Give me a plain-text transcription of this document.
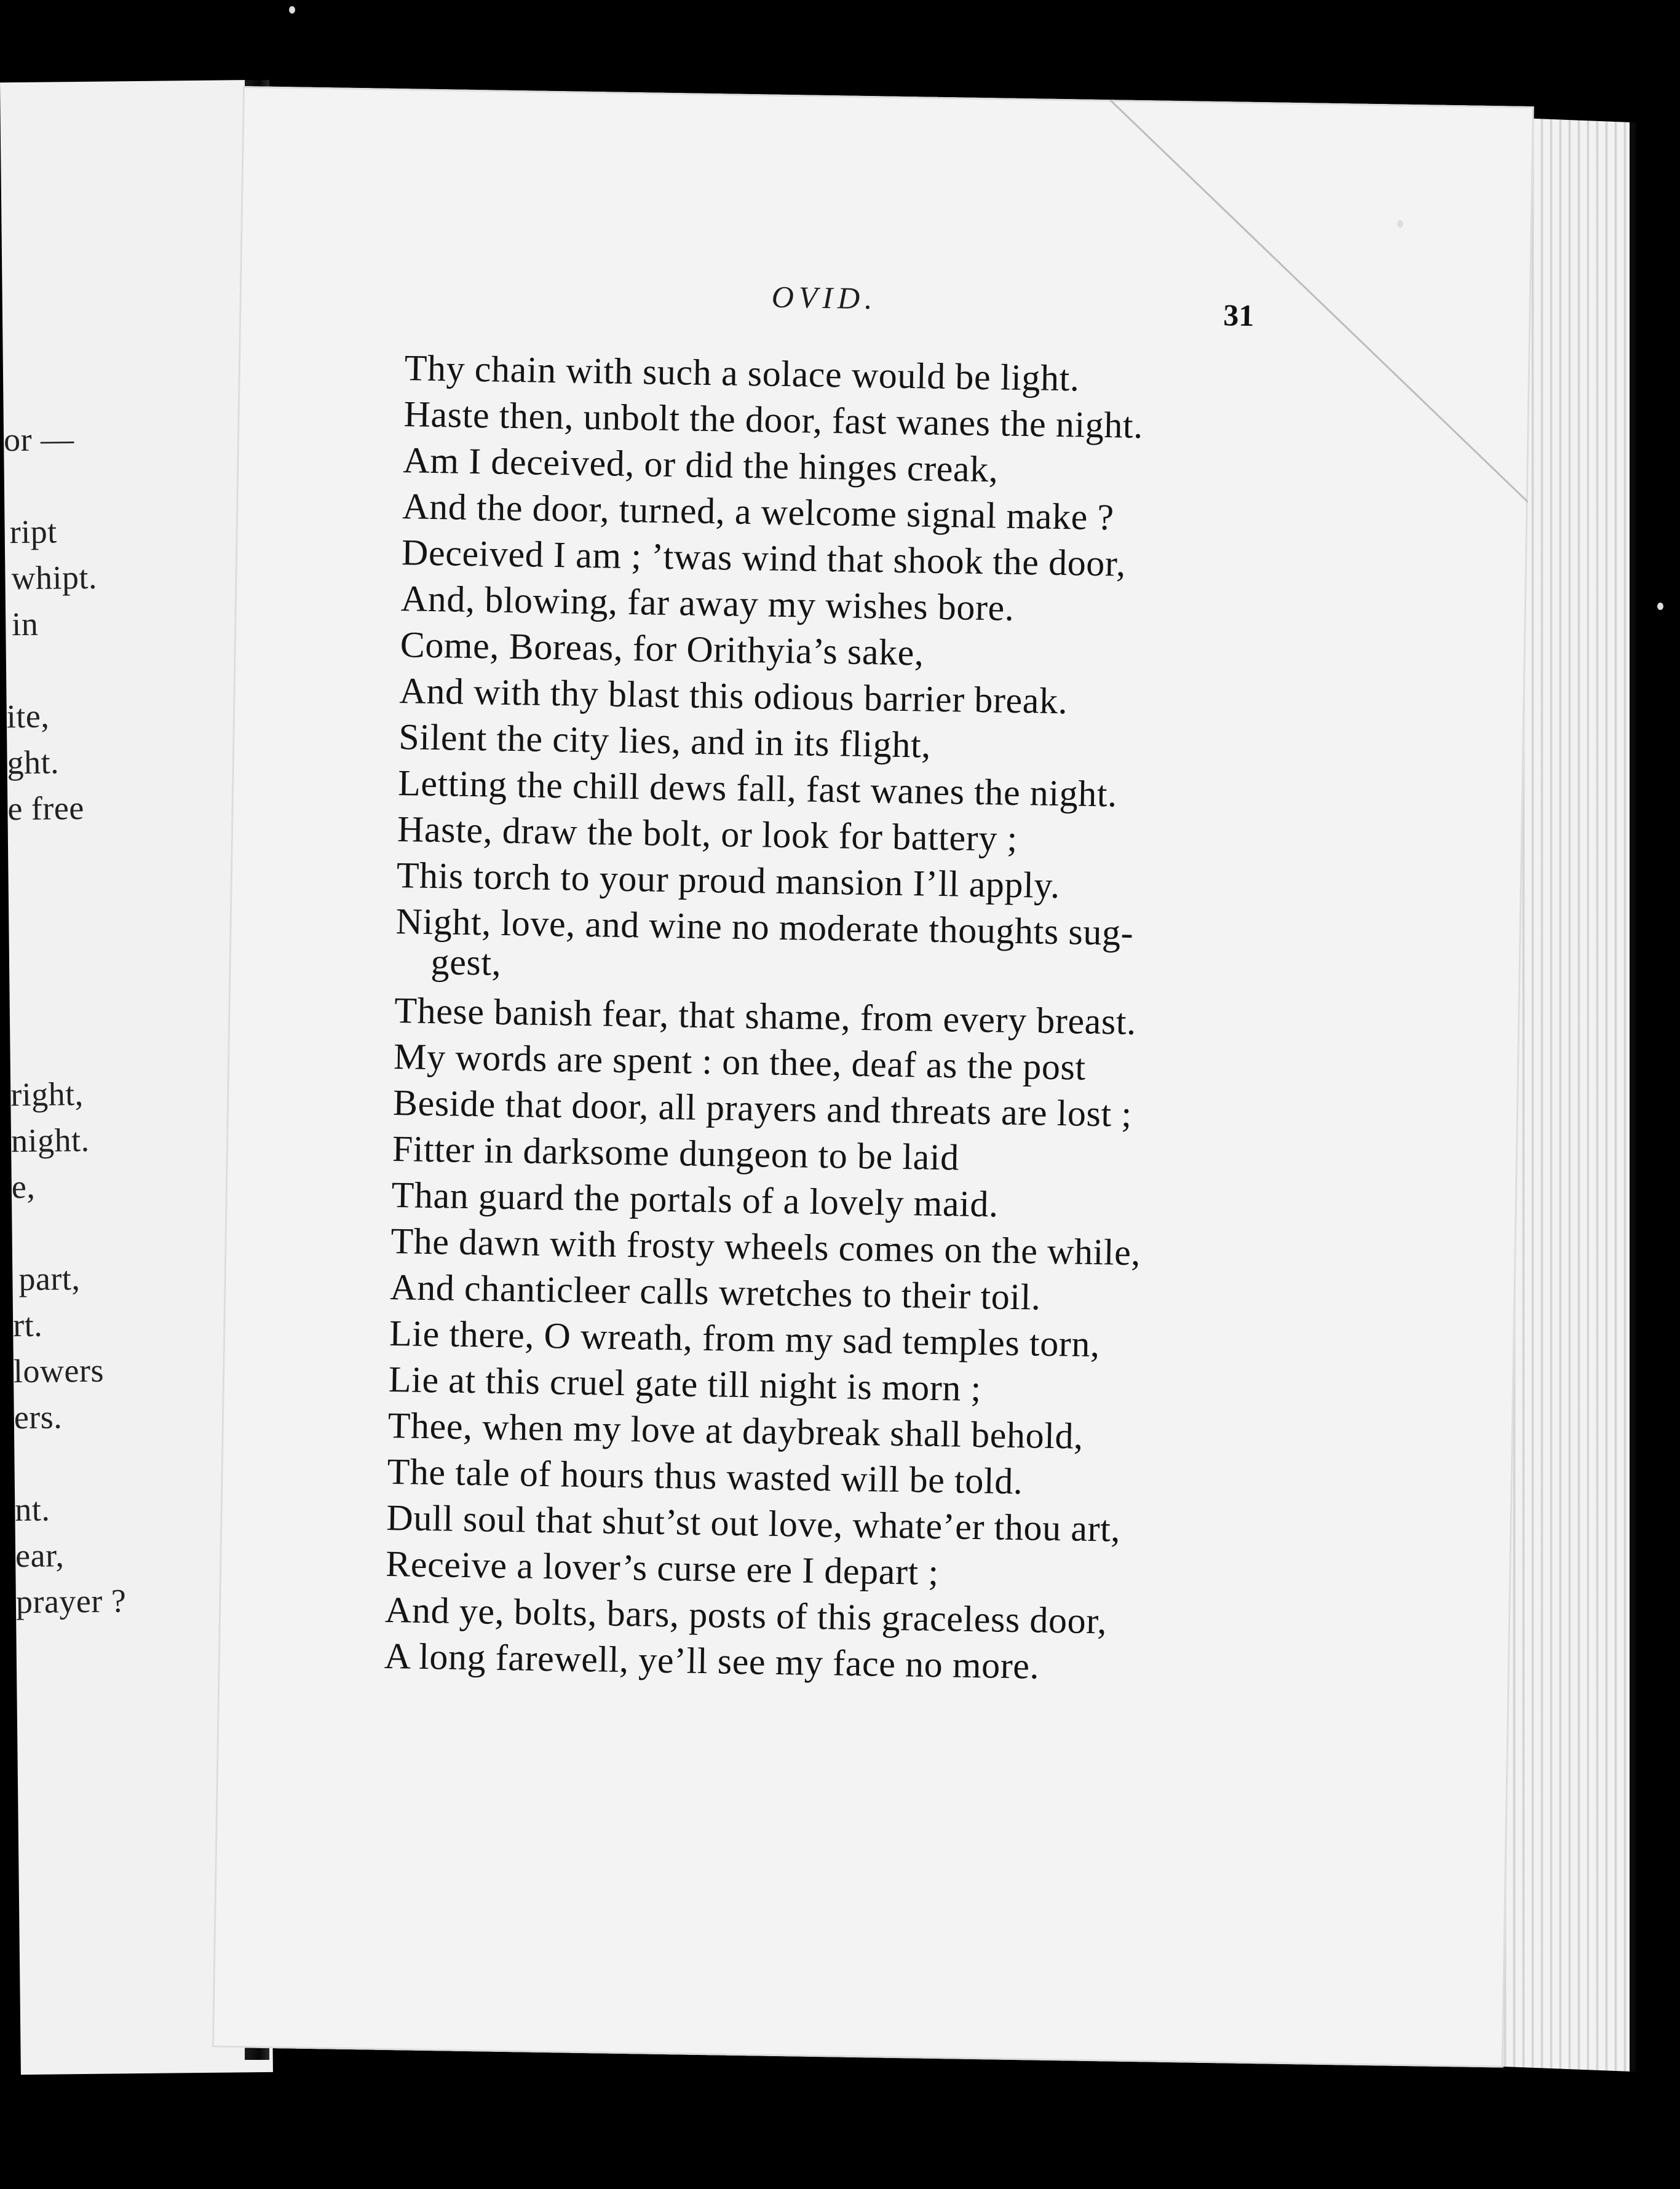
or —
ript
whipt.
in
ite,
ght.
e free
right,
night.
e,
part,
rt.
lowers
ers.
nt.
ear,
prayer ?
OVID.	31
Thy chain with such a solace would be light.
Haste then, unbolt the door, fast wanes the night.
Am I deceived, or did the hinges creak,
And the door, turned, a welcome signal make ?
Deceived I am ; ’twas wind that shook the door,
And, blowing, far away my wishes bore.
Come, Boreas, for Orithyia’s sake,
And with thy blast this odious barrier break.
Silent the city lies, and in its flight,
Letting the chill dews fall, fast wanes the night.
Haste, draw the bolt, or look for battery ;
This torch to your proud mansion I’ll apply.
Night, love, and wine no moderate thoughts sug-
gest,
These banish fear, that shame, from every breast.
My words are spent : on thee, deaf as the post
Beside that door, all prayers and threats are lost ;
Fitter in darksome dungeon to be laid
Than guard the portals of a lovely maid.
The dawn with frosty wheels comes on the while,
And chanticleer calls wretches to their toil.
Lie there, O wreath, from my sad temples torn,
Lie at this cruel gate till night is morn ;
Thee, when my love at daybreak shall behold,
The tale of hours thus wasted will be told.
Dull soul that shut’st out love, whate’er thou art,
Receive a lover’s curse ere I depart ;
And ye, bolts, bars, posts of this graceless door,
A long farewell, ye’ll see my face no more.
